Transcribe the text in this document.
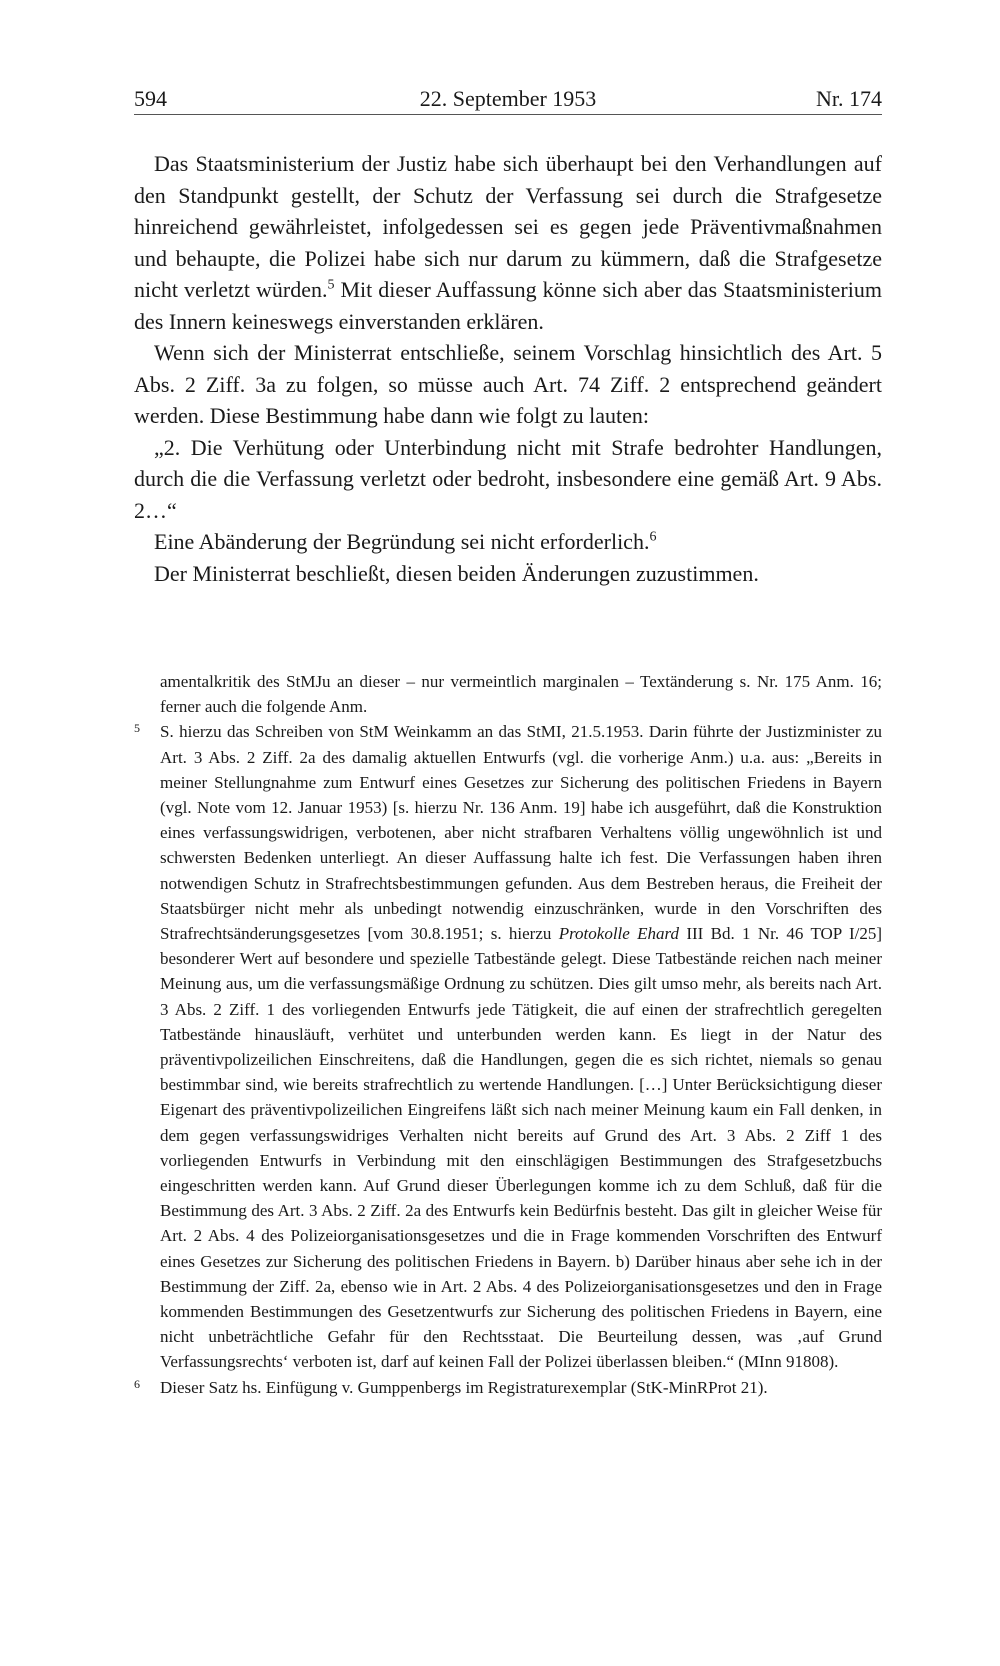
594	22. September 1953	Nr. 174

Das Staatsministerium der Justiz habe sich überhaupt bei den Verhandlungen auf den Standpunkt gestellt, der Schutz der Verfassung sei durch die Strafgesetze hinreichend gewährleistet, infolgedessen sei es gegen jede Präventivmaßnahmen und behaupte, die Polizei habe sich nur darum zu kümmern, daß die Strafgesetze nicht verletzt würden.$^5$ Mit dieser Auffassung könne sich aber das Staatsministerium des Innern keineswegs einverstanden erklären.

Wenn sich der Ministerrat entschließe, seinem Vorschlag hinsichtlich des Art. 5 Abs. 2 Ziff. 3a zu folgen, so müsse auch Art. 74 Ziff. 2 entsprechend geändert werden. Diese Bestimmung habe dann wie folgt zu lauten:

„2. Die Verhütung oder Unterbindung nicht mit Strafe bedrohter Handlungen, durch die die Verfassung verletzt oder bedroht, insbesondere eine gemäß Art. 9 Abs. 2…“

Eine Abänderung der Begründung sei nicht erforderlich.$^6$

Der Ministerrat beschließt, diesen beiden Änderungen zuzustimmen.

amentalkritik des StMJu an dieser – nur vermeintlich marginalen – Textänderung s. Nr. 175 Anm. 16; ferner auch die folgende Anm.
5 S. hierzu das Schreiben von StM Weinkamm an das StMI, 21.5.1953. Darin führte der Justizminister zu Art. 3 Abs. 2 Ziff. 2a des damalig aktuellen Entwurfs (vgl. die vorherige Anm.) u.a. aus: „Bereits in meiner Stellungnahme zum Entwurf eines Gesetzes zur Sicherung des politischen Friedens in Bayern (vgl. Note vom 12. Januar 1953) [s. hierzu Nr. 136 Anm. 19] habe ich ausgeführt, daß die Konstruktion eines verfassungswidrigen, verbotenen, aber nicht strafbaren Verhaltens völlig ungewöhnlich ist und schwersten Bedenken unterliegt. An dieser Auffassung halte ich fest. Die Verfassungen haben ihren notwendigen Schutz in Strafrechtsbestimmungen gefunden. Aus dem Bestreben heraus, die Freiheit der Staatsbürger nicht mehr als unbedingt notwendig einzuschränken, wurde in den Vorschriften des Strafrechtsänderungsgesetzes [vom 30.8.1951; s. hierzu Protokolle Ehard III Bd. 1 Nr. 46 TOP I/25] besonderer Wert auf besondere und spezielle Tatbestände gelegt. Diese Tatbestände reichen nach meiner Meinung aus, um die verfassungsmäßige Ordnung zu schützen. Dies gilt umso mehr, als bereits nach Art. 3 Abs. 2 Ziff. 1 des vorliegenden Entwurfs jede Tätigkeit, die auf einen der strafrechtlich geregelten Tatbestände hinausläuft, verhütet und unterbunden werden kann. Es liegt in der Natur des präventivpolizeilichen Einschreitens, daß die Handlungen, gegen die es sich richtet, niemals so genau bestimmbar sind, wie bereits strafrechtlich zu wertende Handlungen. […] Unter Berücksichtigung dieser Eigenart des präventivpolizeilichen Eingreifens läßt sich nach meiner Meinung kaum ein Fall denken, in dem gegen verfassungswidriges Verhalten nicht bereits auf Grund des Art. 3 Abs. 2 Ziff 1 des vorliegenden Entwurfs in Verbindung mit den einschlägigen Bestimmungen des Strafgesetzbuchs eingeschritten werden kann. Auf Grund dieser Überlegungen komme ich zu dem Schluß, daß für die Bestimmung des Art. 3 Abs. 2 Ziff. 2a des Entwurfs kein Bedürfnis besteht. Das gilt in gleicher Weise für Art. 2 Abs. 4 des Polizeiorganisationsgesetzes und die in Frage kommenden Vorschriften des Entwurf eines Gesetzes zur Sicherung des politischen Friedens in Bayern. b) Darüber hinaus aber sehe ich in der Bestimmung der Ziff. 2a, ebenso wie in Art. 2 Abs. 4 des Polizeiorganisationsgesetzes und den in Frage kommenden Bestimmungen des Gesetzentwurfs zur Sicherung des politischen Friedens in Bayern, eine nicht unbeträchtliche Gefahr für den Rechtsstaat. Die Beurteilung dessen, was ‚auf Grund Verfassungsrechts‘ verboten ist, darf auf keinen Fall der Polizei überlassen bleiben.“ (MInn 91808).
6 Dieser Satz hs. Einfügung v. Gumppenbergs im Registraturexemplar (StK-MinRProt 21).
